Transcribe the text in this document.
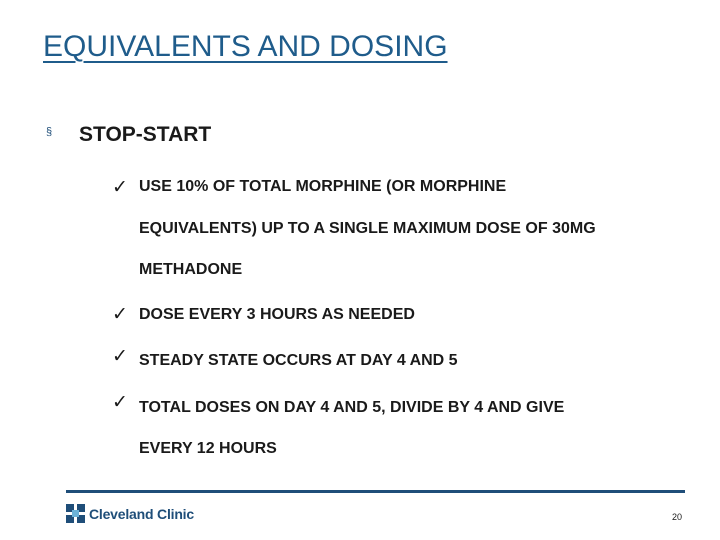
EQUIVALENTS AND DOSING
§ STOP-START
✓ USE 10% OF TOTAL MORPHINE (OR MORPHINE
EQUIVALENTS) UP TO A SINGLE MAXIMUM DOSE OF 30MG
METHADONE
✓ DOSE EVERY 3 HOURS AS NEEDED
✓ STEADY STATE OCCURS AT DAY 4 AND 5
✓ TOTAL DOSES ON DAY 4 AND 5, DIVIDE BY 4 AND GIVE
EVERY 12 HOURS
Cleveland Clinic	20
